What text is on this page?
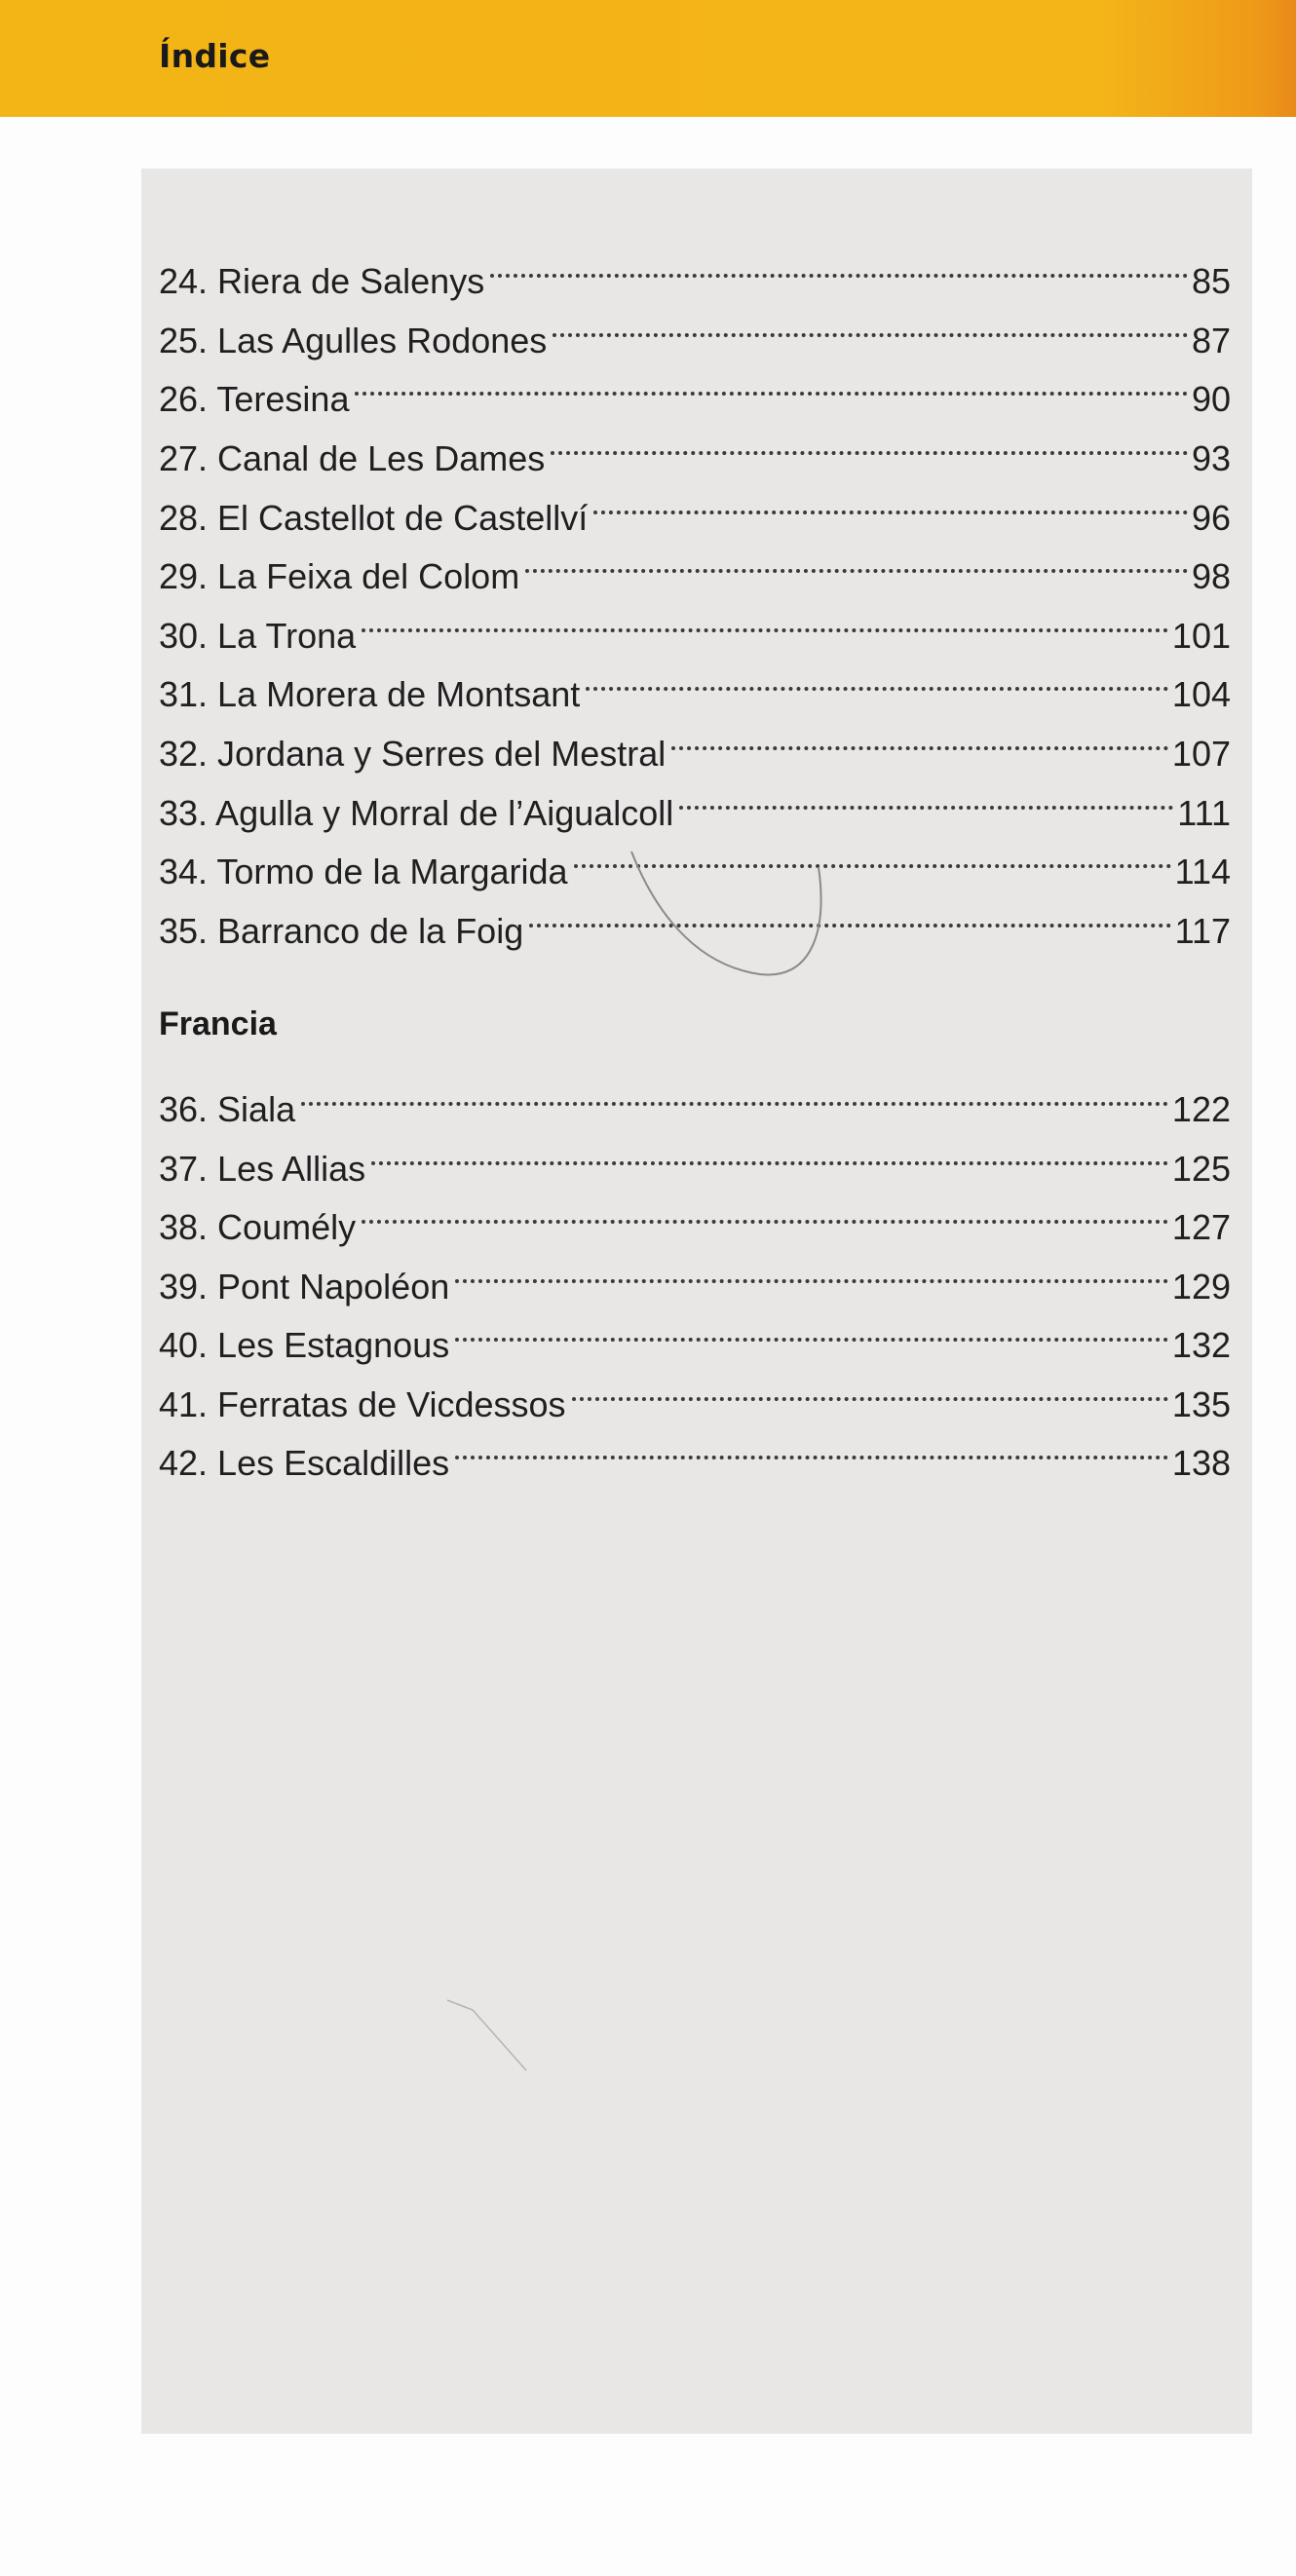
Índice
24. Riera de Salenys	85
25. Las Agulles Rodones	87
26. Teresina	90
27. Canal de Les Dames	93
28. El Castellot de Castellví	96
29. La Feixa del Colom	98
30. La Trona	101
31. La Morera de Montsant	104
32. Jordana y Serres del Mestral	107
33. Agulla y Morral de l’Aigualcoll	111
34. Tormo de la Margarida	114
35. Barranco de la Foig	117
Francia
36. Siala	122
37. Les Allias	125
38. Coumély	127
39. Pont Napoléon	129
40. Les Estagnous	132
41. Ferratas de Vicdessos	135
42. Les Escaldilles	138
